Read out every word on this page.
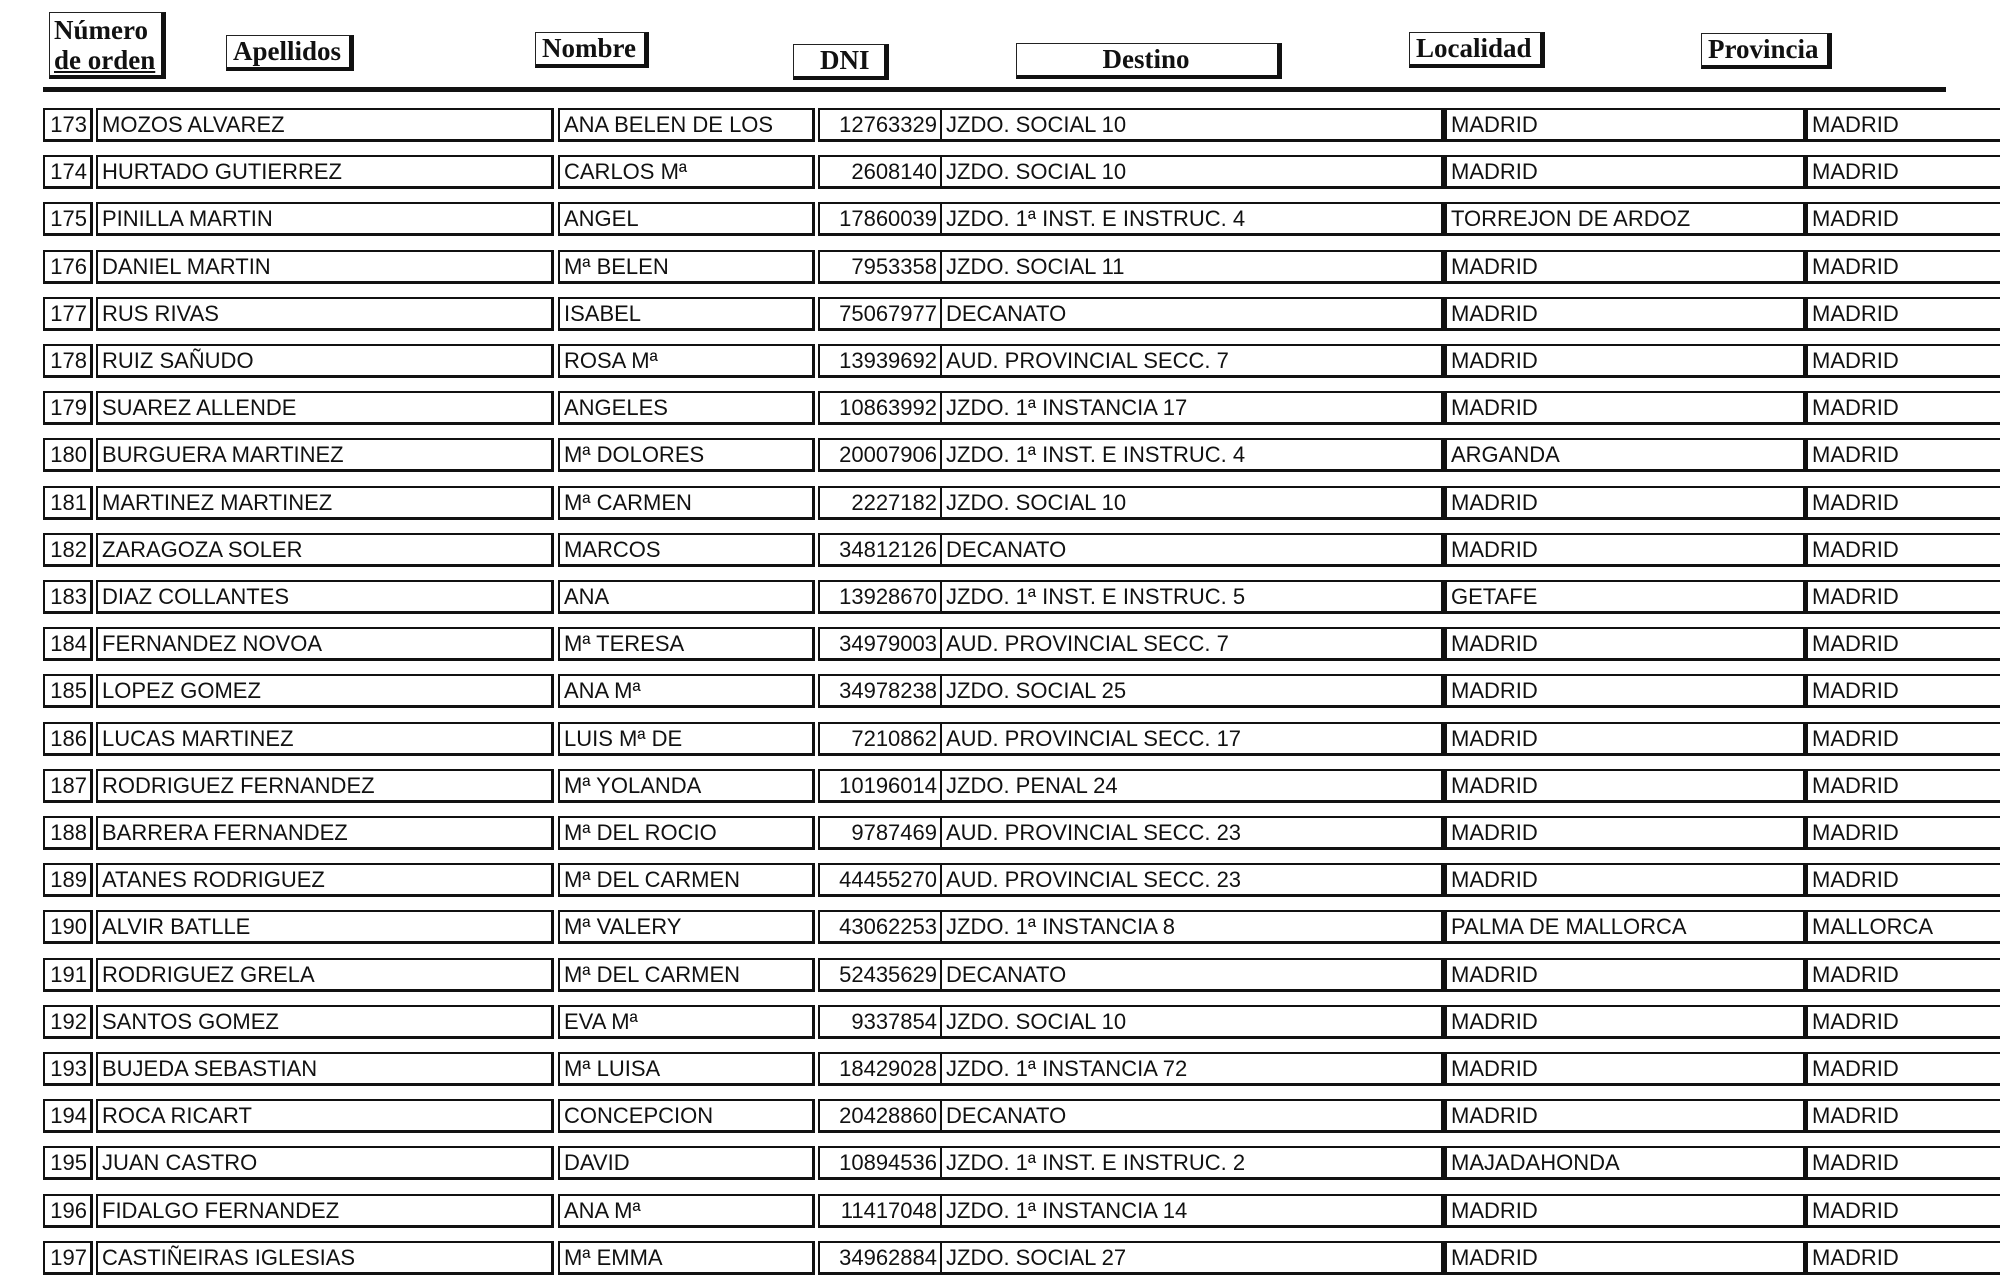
Número
de orden	Apellidos	Nombre	DNI	Destino	Localidad	Provincia
173 MOZOS ALVAREZ	ANA BELEN DE LOS	12763329 JZDO. SOCIAL 10	MADRID	MADRID
174 HURTADO GUTIERREZ	CARLOS Mª	2608140 JZDO. SOCIAL 10	MADRID	MADRID
175 PINILLA MARTIN	ANGEL	17860039 JZDO. 1ª INST. E INSTRUC. 4	TORREJON DE ARDOZ	MADRID
176 DANIEL MARTIN	Mª BELEN	7953358 JZDO. SOCIAL 11	MADRID	MADRID
177 RUS RIVAS	ISABEL	75067977 DECANATO	MADRID	MADRID
178 RUIZ SAÑUDO	ROSA Mª	13939692 AUD. PROVINCIAL SECC. 7	MADRID	MADRID
179 SUAREZ ALLENDE	ANGELES	10863992 JZDO. 1ª INSTANCIA 17	MADRID	MADRID
180 BURGUERA MARTINEZ	Mª DOLORES	20007906 JZDO. 1ª INST. E INSTRUC. 4	ARGANDA	MADRID
181 MARTINEZ MARTINEZ	Mª CARMEN	2227182 JZDO. SOCIAL 10	MADRID	MADRID
182 ZARAGOZA SOLER	MARCOS	34812126 DECANATO	MADRID	MADRID
183 DIAZ COLLANTES	ANA	13928670 JZDO. 1ª INST. E INSTRUC. 5	GETAFE	MADRID
184 FERNANDEZ NOVOA	Mª TERESA	34979003 AUD. PROVINCIAL SECC. 7	MADRID	MADRID
185 LOPEZ GOMEZ	ANA Mª	34978238 JZDO. SOCIAL 25	MADRID	MADRID
186 LUCAS MARTINEZ	LUIS Mª DE	7210862 AUD. PROVINCIAL SECC. 17	MADRID	MADRID
187 RODRIGUEZ FERNANDEZ	Mª YOLANDA	10196014 JZDO. PENAL 24	MADRID	MADRID
188 BARRERA FERNANDEZ	Mª DEL ROCIO	9787469 AUD. PROVINCIAL SECC. 23	MADRID	MADRID
189 ATANES RODRIGUEZ	Mª DEL CARMEN	44455270 AUD. PROVINCIAL SECC. 23	MADRID	MADRID
190 ALVIR BATLLE	Mª VALERY	43062253 JZDO. 1ª INSTANCIA 8	PALMA DE MALLORCA	MALLORCA
191 RODRIGUEZ GRELA	Mª DEL CARMEN	52435629 DECANATO	MADRID	MADRID
192 SANTOS GOMEZ	EVA Mª	9337854 JZDO. SOCIAL 10	MADRID	MADRID
193 BUJEDA SEBASTIAN	Mª LUISA	18429028 JZDO. 1ª INSTANCIA 72	MADRID	MADRID
194 ROCA RICART	CONCEPCION	20428860 DECANATO	MADRID	MADRID
195 JUAN CASTRO	DAVID	10894536 JZDO. 1ª INST. E INSTRUC. 2	MAJADAHONDA	MADRID
196 FIDALGO FERNANDEZ	ANA Mª	11417048 JZDO. 1ª INSTANCIA 14	MADRID	MADRID
197 CASTIÑEIRAS IGLESIAS	Mª EMMA	34962884 JZDO. SOCIAL 27	MADRID	MADRID
